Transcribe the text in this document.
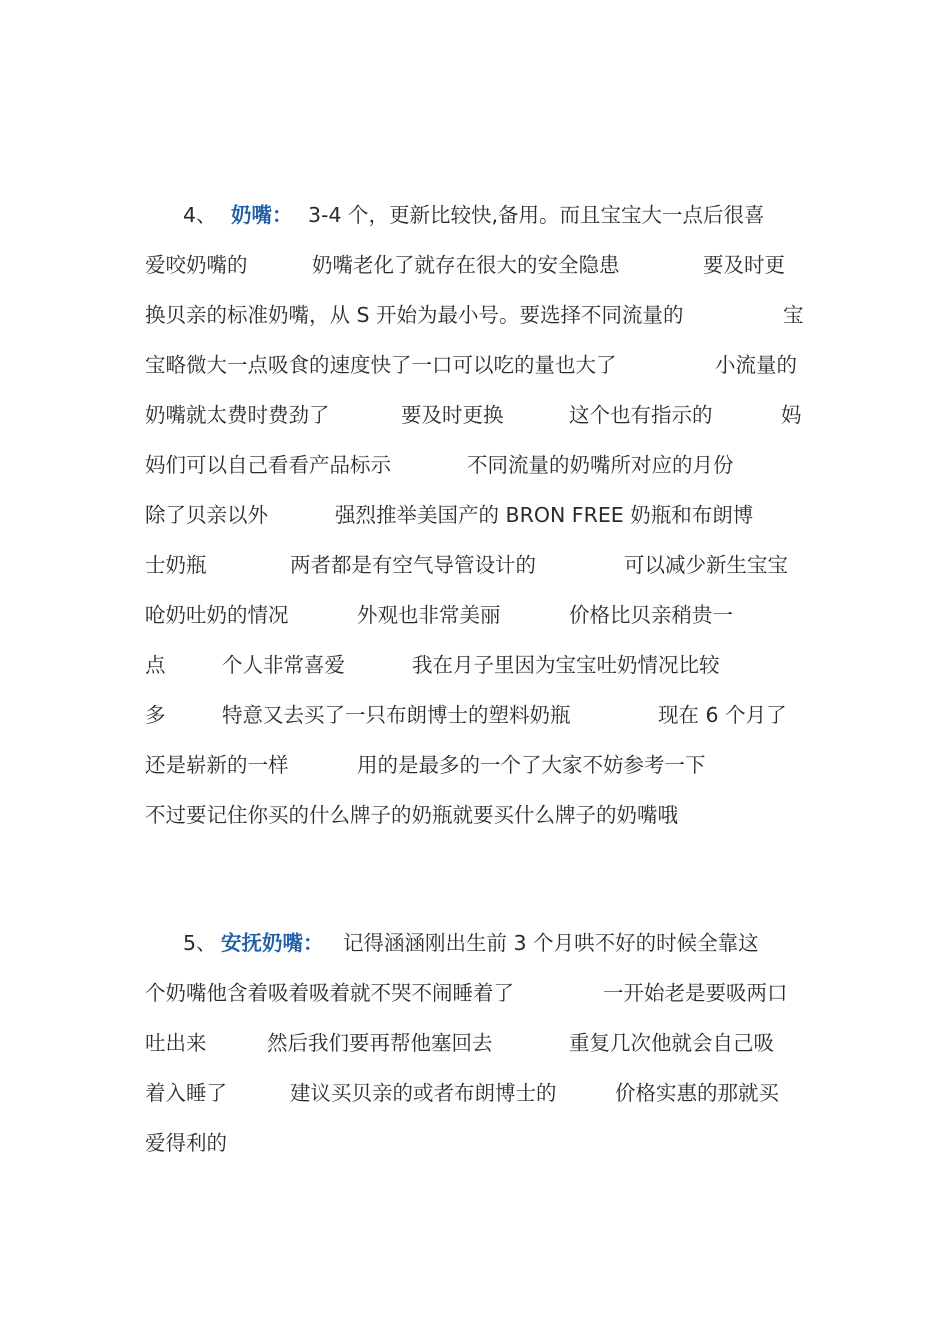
4、 奶嘴： 3-4 个，更新比较快,备用。而且宝宝大一点后很喜
爱咬奶嘴的	奶嘴老化了就存在很大的安全隐患	要及时更
换贝亲的标准奶嘴，从 S 开始为最小号。要选择不同流量的	宝
宝略微大一点吸食的速度快了一口可以吃的量也大了	小流量的
奶嘴就太费时费劲了	要及时更换	这个也有指示的	妈
妈们可以自己看看产品标示	不同流量的奶嘴所对应的月份
除了贝亲以外	强烈推举美国产的 BRON FREE 奶瓶和布朗博
士奶瓶	两者都是有空气导管设计的	可以减少新生宝宝
呛奶吐奶的情况	外观也非常美丽	价格比贝亲稍贵一
点	个人非常喜爱	我在月子里因为宝宝吐奶情况比较
多	特意又去买了一只布朗博士的塑料奶瓶	现在 6 个月了
还是崭新的一样	用的是最多的一个了大家不妨参考一下
不过要记住你买的什么牌子的奶瓶就要买什么牌子的奶嘴哦
5、 安抚奶嘴： 记得涵涵刚出生前 3 个月哄不好的时候全靠这
个奶嘴他含着吸着吸着就不哭不闹睡着了	一开始老是要吸两口
吐出来	然后我们要再帮他塞回去	重复几次他就会自己吸
着入睡了	建议买贝亲的或者布朗博士的	价格实惠的那就买
爱得利的
